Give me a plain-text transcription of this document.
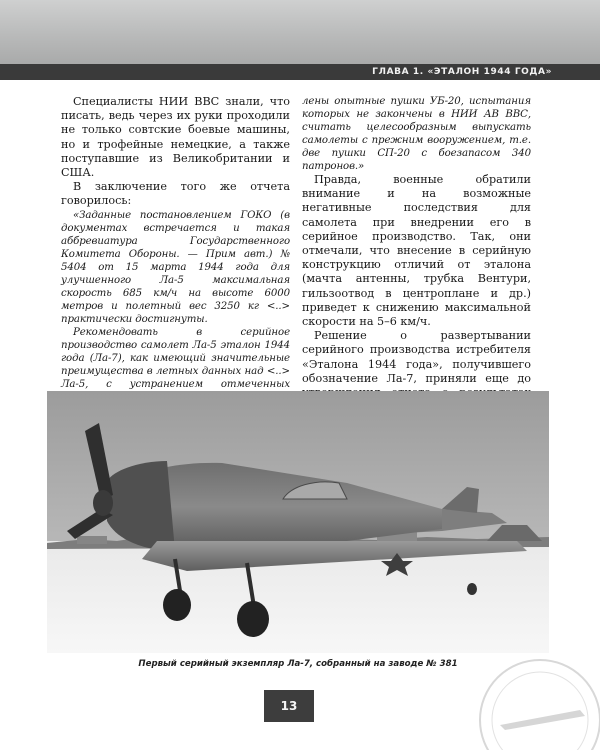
ГЛАВА 1. «ЭТАЛОН 1944 ГОДА»

Специалисты НИИ ВВС знали, что писать, ведь через их руки проходили не только совтские боевые машины, но и трофейные немецкие, а также поступавшие из Великобритании и США.

В заключение того же отчета говорилось:

«Заданные постановлением ГОКО (в документах встречается и такая аббревиатура Государственного Комитета Обороны. — Прим авт.) № 5404 от 15 марта 1944 года для улучшенного Ла-5 максимальная скорость 685 км/ч на высоте 6000 метров и полетный вес 3250 кг <..> практически достигнуты.

Рекомендовать в серийное производство самолет Ла-5 эталон 1944 года (Ла-7), как имеющий значительные преимущества в летных данных над <..> Ла-5, с устранением отмеченных

лены опытные пушки УБ-20, испытания которых не закончены в НИИ АВ ВВС, считать целесообразным выпускать самолеты с прежним вооружением, т.е. две пушки СП-20 с боезапасом 340 патронов.»

Правда, военные обратили внимание и на возможные негативные последствия для самолета при внедрении его в серийное производство. Так, они отмечали, что внесение в серийную конструкцию отличий от эталона (мачта антенны, трубка Вентури, гильзоотвод в центроплане и др.) приведет к снижению максимальной скорости на 5–6 км/ч.

Решение о развертывании серийного производства истребителя «Эталона 1944 года», получившего обозначение Ла-7, приняли еще до

Первый серийный экземпляр Ла-7, собранный на заводе № 381
13
